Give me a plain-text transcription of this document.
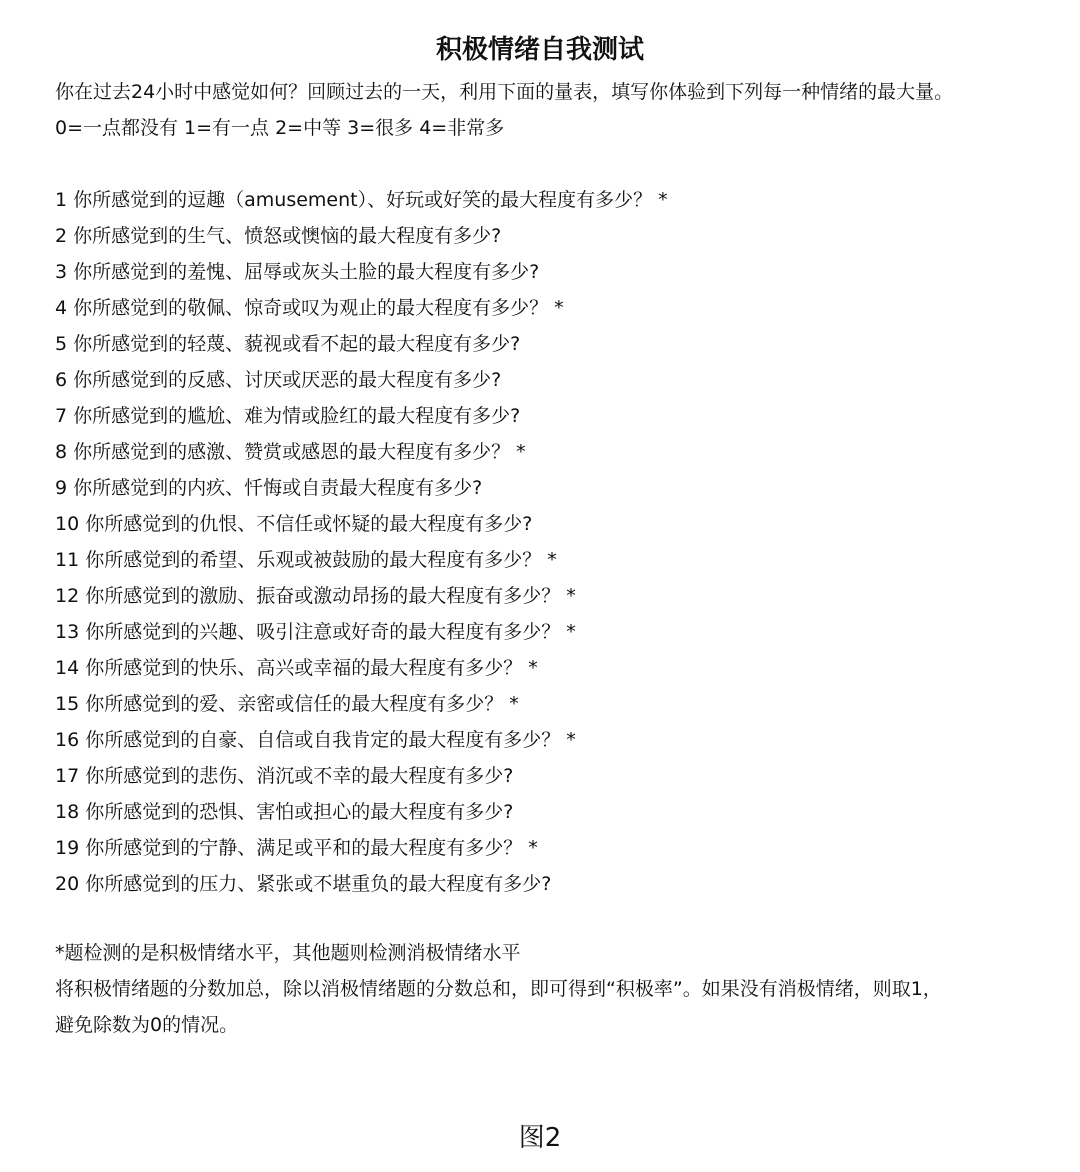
积极情绪自我测试
你在过去24小时中感觉如何？回顾过去的一天，利用下面的量表，填写你体验到下列每一种情绪的最大量。
0=一点都没有 1=有一点 2=中等 3=很多 4=非常多
1 你所感觉到的逗趣（amusement）、好玩或好笑的最大程度有多少？ *
2 你所感觉到的生气、愤怒或懊恼的最大程度有多少?
3 你所感觉到的羞愧、屈辱或灰头土脸的最大程度有多少?
4 你所感觉到的敬佩、惊奇或叹为观止的最大程度有多少？ *
5 你所感觉到的轻蔑、藐视或看不起的最大程度有多少?
6 你所感觉到的反感、讨厌或厌恶的最大程度有多少?
7 你所感觉到的尴尬、难为情或脸红的最大程度有多少?
8 你所感觉到的感激、赞赏或感恩的最大程度有多少？ *
9 你所感觉到的内疚、忏悔或自责最大程度有多少?
10 你所感觉到的仇恨、不信任或怀疑的最大程度有多少?
11 你所感觉到的希望、乐观或被鼓励的最大程度有多少？ *
12 你所感觉到的激励、振奋或激动昂扬的最大程度有多少？ *
13 你所感觉到的兴趣、吸引注意或好奇的最大程度有多少？ *
14 你所感觉到的快乐、高兴或幸福的最大程度有多少？ *
15 你所感觉到的爱、亲密或信任的最大程度有多少？ *
16 你所感觉到的自豪、自信或自我肯定的最大程度有多少？ *
17 你所感觉到的悲伤、消沉或不幸的最大程度有多少?
18 你所感觉到的恐惧、害怕或担心的最大程度有多少?
19 你所感觉到的宁静、满足或平和的最大程度有多少？ *
20 你所感觉到的压力、紧张或不堪重负的最大程度有多少?
*题检测的是积极情绪水平，其他题则检测消极情绪水平
将积极情绪题的分数加总，除以消极情绪题的分数总和，即可得到“积极率”。如果没有消极情绪，则取1，
避免除数为0的情况。
图2
